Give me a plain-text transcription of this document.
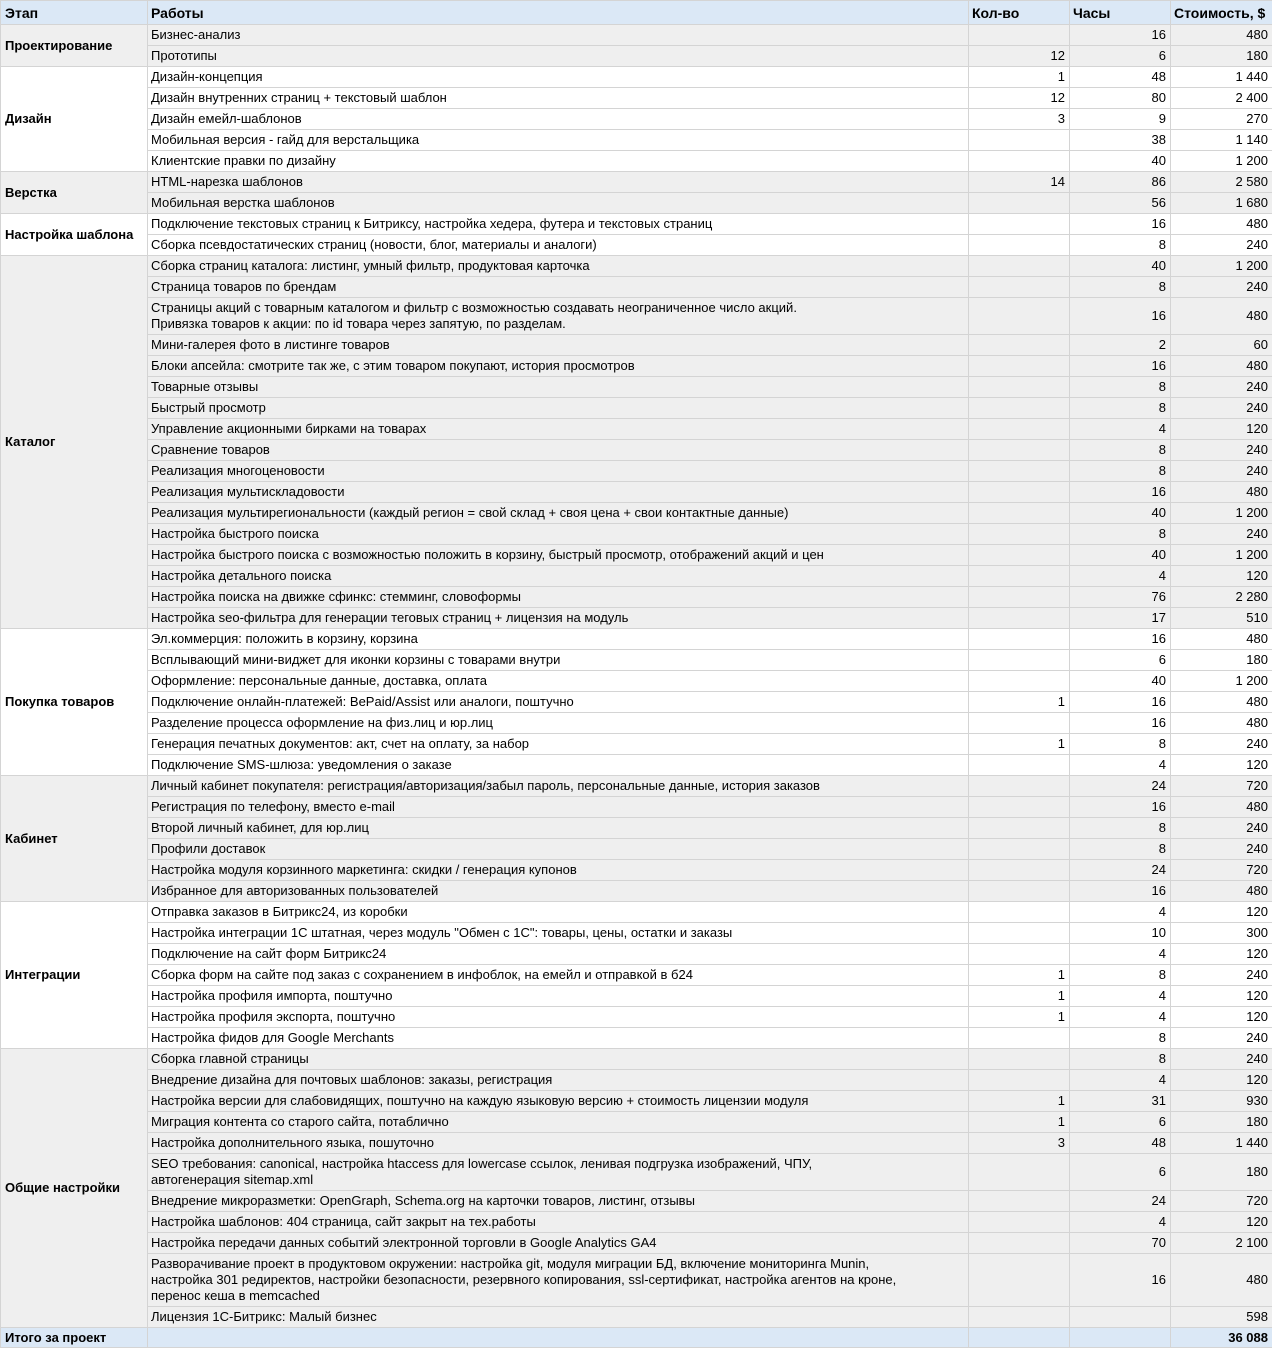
Этап	Работы	Кол-во	Часы	Стоимость, $
Проектирование	Бизнес-анализ		16	480
	Прототипы	12	6	180
Дизайн	Дизайн-концепция	1	48	1 440
	Дизайн внутренних страниц + текстовый шаблон	12	80	2 400
	Дизайн емейл-шаблонов	3	9	270
	Мобильная версия - гайд для верстальщика		38	1 140
	Клиентские правки по дизайну		40	1 200
Верстка	HTML-нарезка шаблонов	14	86	2 580
	Мобильная верстка шаблонов		56	1 680
Настройка шаблона	Подключение текстовых страниц к Битриксу, настройка хедера, футера и текстовых страниц		16	480
	Сборка псевдостатических страниц (новости, блог, материалы и аналоги)		8	240
Каталог	Сборка страниц каталога: листинг, умный фильтр, продуктовая карточка		40	1 200
	Страница товаров по брендам		8	240
	Страницы акций с товарным каталогом и фильтр с возможностью создавать неограниченное число акций.
Привязка товаров к акции: по id товара через запятую, по разделам.		16	480
	Мини-галерея фото в листинге товаров		2	60
	Блоки апсейла: смотрите так же, с этим товаром покупают, история просмотров		16	480
	Товарные отзывы		8	240
	Быстрый просмотр		8	240
	Управление акционными бирками на товарах		4	120
	Сравнение товаров		8	240
	Реализация многоценовости		8	240
	Реализация мультискладовости		16	480
	Реализация мультирегиональности (каждый регион = свой склад + своя цена + свои контактные данные)		40	1 200
	Настройка быстрого поиска		8	240
	Настройка быстрого поиска с возможностью положить в корзину, быстрый просмотр, отображений акций и цен		40	1 200
	Настройка детального поиска		4	120
	Настройка поиска на движке сфинкс: стемминг, словоформы		76	2 280
	Настройка seo-фильтра для генерации теговых страниц + лицензия на модуль		17	510
Покупка товаров	Эл.коммерция: положить в корзину, корзина		16	480
	Всплывающий мини-виджет для иконки корзины с товарами внутри		6	180
	Оформление: персональные данные, доставка, оплата		40	1 200
	Подключение онлайн-платежей: BePaid/Assist или аналоги, поштучно	1	16	480
	Разделение процесса оформление на физ.лиц и юр.лиц		16	480
	Генерация печатных документов: акт, счет на оплату, за набор	1	8	240
	Подключение SMS-шлюза: уведомления о заказе		4	120
Кабинет	Личный кабинет покупателя: регистрация/авторизация/забыл пароль, персональные данные, история заказов		24	720
	Регистрация по телефону, вместо e-mail		16	480
	Второй личный кабинет, для юр.лиц		8	240
	Профили доставок		8	240
	Настройка модуля корзинного маркетинга: скидки / генерация купонов		24	720
	Избранное для авторизованных пользователей		16	480
Интеграции	Отправка заказов в Битрикс24, из коробки		4	120
	Настройка интеграции 1С штатная, через модуль "Обмен с 1С": товары, цены, остатки и заказы		10	300
	Подключение на сайт форм Битрикс24		4	120
	Сборка форм на сайте под заказ с сохранением в инфоблок, на емейл и отправкой в б24	1	8	240
	Настройка профиля импорта, поштучно	1	4	120
	Настройка профиля экспорта, поштучно	1	4	120
	Настройка фидов для Google Merchants		8	240
Общие настройки	Сборка главной страницы		8	240
	Внедрение дизайна для почтовых шаблонов: заказы, регистрация		4	120
	Настройка версии для слабовидящих, поштучно на каждую языковую версию + стоимость лицензии модуля	1	31	930
	Миграция контента со старого сайта, потаблично	1	6	180
	Настройка дополнительного языка, пошуточно	3	48	1 440
	SEO требования: canonical, настройка htaccess для lowercase ссылок, ленивая подгрузка изображений, ЧПУ,
автогенерация sitemap.xml		6	180
	Внедрение микроразметки: OpenGraph, Schema.org на карточки товаров, листинг, отзывы		24	720
	Настройка шаблонов: 404 страница, сайт закрыт на тех.работы		4	120
	Настройка передачи данных событий электронной торговли в Google Analytics GA4		70	2 100
	Разворачивание проект в продуктовом окружении: настройка git, модуля миграции БД, включение мониторинга Munin,
настройка 301 редиректов, настройки безопасности, резервного копирования, ssl-сертификат, настройка агентов на кроне,
перенос кеша в memcached		16	480
	Лицензия 1С-Битрикс: Малый бизнес			598
Итого за проект				36 088
